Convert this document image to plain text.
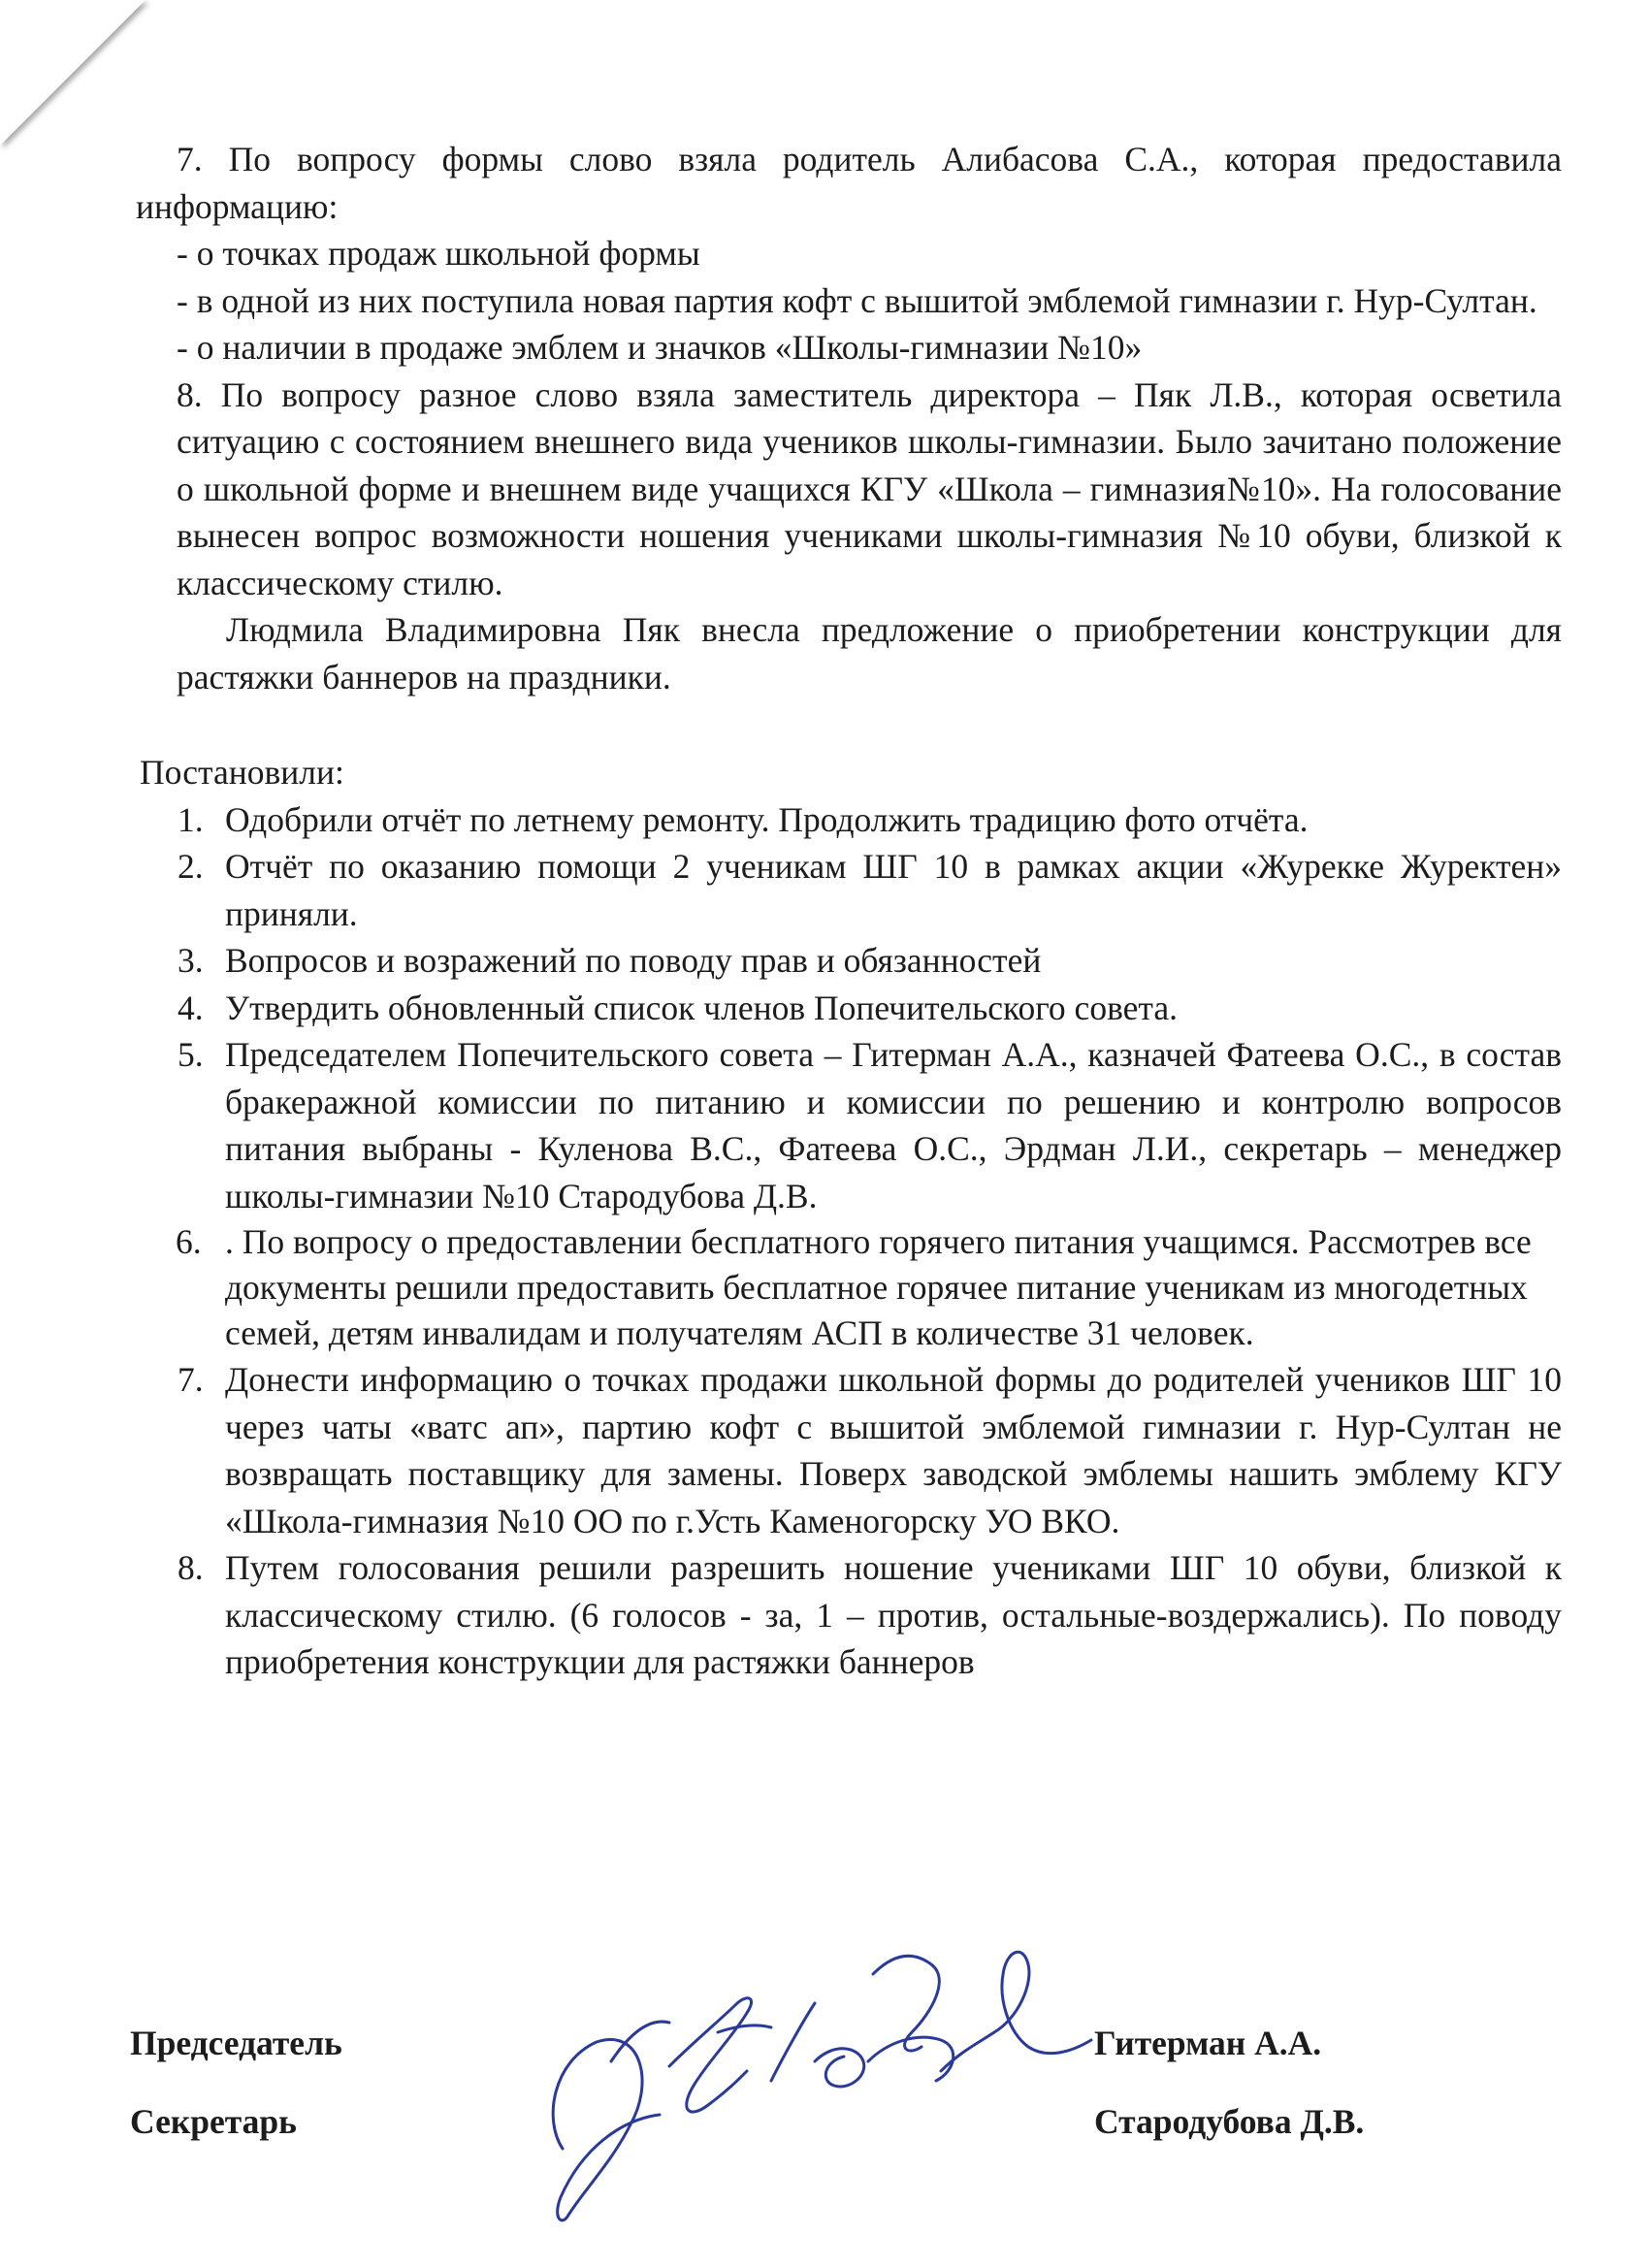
7. По вопросу формы слово взяла родитель Алибасова С.А., которая предоставила информацию:

- о точках продаж школьной формы

- в одной из них поступила новая партия кофт с вышитой эмблемой гимназии г. Нур-Султан.

- о наличии в продаже эмблем и значков «Школы-гимназии №10»

8. По вопросу разное слово взяла заместитель директора – Пяк Л.В., которая осветила ситуацию с состоянием внешнего вида учеников школы-гимназии. Было зачитано положение о школьной форме и внешнем виде учащихся КГУ «Школа – гимназия№10». На голосование вынесен вопрос возможности ношения учениками школы-гимназия №10 обуви, близкой к классическому стилю.

Людмила Владимировна Пяк внесла предложение о приобретении конструкции для растяжки баннеров на праздники.

Постановили:

1. Одобрили отчёт по летнему ремонту. Продолжить традицию фото отчёта.
2. Отчёт по оказанию помощи 2 ученикам ШГ 10 в рамках акции «Журекке Журектен» приняли.
3. Вопросов и возражений по поводу прав и обязанностей
4. Утвердить обновленный список членов Попечительского совета.
5. Председателем Попечительского совета – Гитерман А.А., казначей Фатеева О.С., в состав бракеражной комиссии по питанию и комиссии по решению и контролю вопросов питания выбраны - Куленова В.С., Фатеева О.С., Эрдман Л.И., секретарь – менеджер школы-гимназии №10 Стародубова Д.В.
6. . По вопросу о предоставлении бесплатного горячего питания учащимся. Рассмотрев все документы решили предоставить бесплатное горячее питание ученикам из многодетных семей, детям инвалидам и получателям АСП в количестве 31 человек.
7. Донести информацию о точках продажи школьной формы до родителей учеников ШГ 10 через чаты «ватс ап», партию кофт с вышитой эмблемой гимназии г. Нур-Султан не возвращать поставщику для замены. Поверх заводской эмблемы нашить эмблему КГУ «Школа-гимназия №10 ОО по г.Усть Каменогорску УО ВКО.
8. Путем голосования решили разрешить ношение учениками ШГ 10 обуви, близкой к классическому стилю. (6 голосов - за, 1 – против, остальные-воздержались). По поводу приобретения конструкции для растяжки баннеров
Председатель	Гитерман А.А.
Секретарь	Стародубова Д.В.
